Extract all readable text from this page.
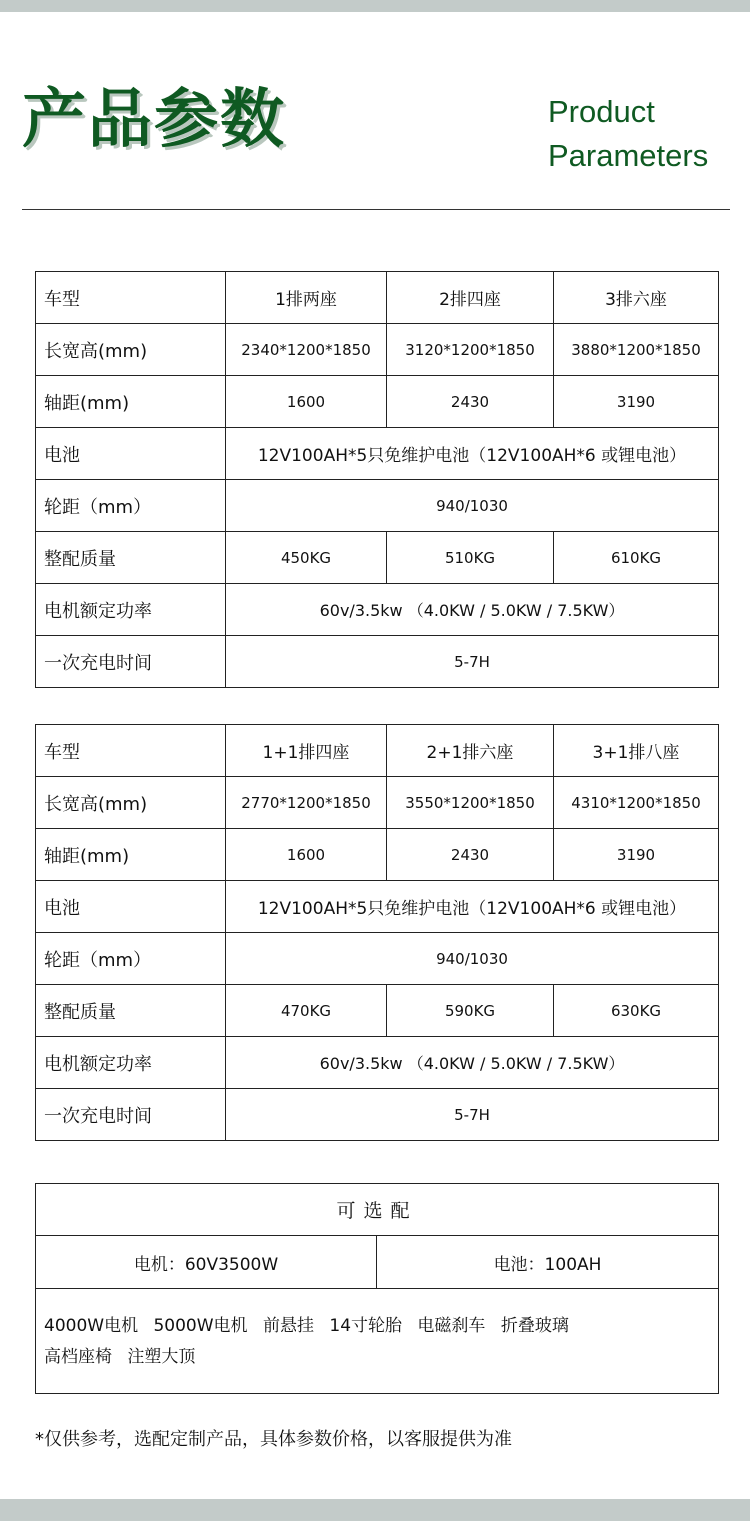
产品参数	Product
Parameters
车型	1排两座	2排四座	3排六座
长宽高(mm)	2340*1200*1850	3120*1200*1850	3880*1200*1850
轴距(mm)	1600	2430	3190
电池	12V100AH*5只免维护电池（12V100AH*6 或锂电池）		
轮距（mm）	940/1030		
整配质量	450KG	510KG	610KG
电机额定功率	60v/3.5kw （4.0KW / 5.0KW / 7.5KW）		
一次充电时间	5-7H		
车型	1+1排四座	2+1排六座	3+1排八座
长宽高(mm)	2770*1200*1850	3550*1200*1850	4310*1200*1850
轴距(mm)	1600	2430	3190
电池	12V100AH*5只免维护电池（12V100AH*6 或锂电池）		
轮距（mm）	940/1030		
整配质量	470KG	590KG	630KG
电机额定功率	60v/3.5kw （4.0KW / 5.0KW / 7.5KW）		
一次充电时间	5-7H		
可选配
电机：60V3500W	电池：100AH

4000W电机 5000W电机 前悬挂 14寸轮胎 电磁刹车 折叠玻璃
高档座椅 注塑大顶
*仅供参考，选配定制产品，具体参数价格，以客服提供为准
